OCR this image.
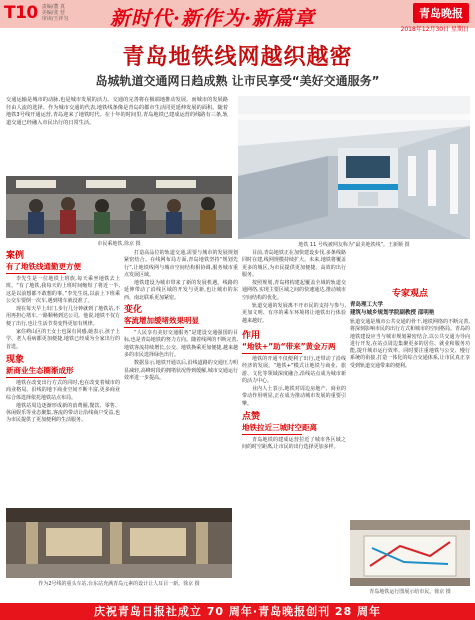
T10 责编/董 真
美编/张 营
审读/王祥匀 新时代·新作为·新篇章	青岛晚报
2018年12月30日 星期日
青岛地铁线网越织越密
岛城轨道交通网日趋成熟 让市民享受“美好交通服务”
交通运输是城市的动脉,也是城市发展的活力。交通的完善将在极端地推动发展。而城市的发展路径由人流的选择。作为城市交通的代表,地铁线条像是青岛的都市生活同更延伸发展的面积。随着地铁3号线开通运营,青岛迎来了地铁时代。在十年的时间里,青岛地铁已建成运营的线路有三条,轨道交通已经融入市民出行的日常生活。
市民乘地铁,徐京 摄	地铁 11 号线被网友称为“最美地铁线”。王新顺 摄
案例
有了地铁线通勤更方便

李先生是一位地铁上班族,每天乘坐地铁去上班。“有了地铁,我每天的上班时间缩短了将近一半,这是以前想都不敢想的事。”李先生说,以前上下班乘公交车要倒一次车,遇到堵车就没准了。

现在每天早上出门,步行几分钟就到了地铁站,不用再担心堵车,一路顺畅到达公司。他说,地铁不仅方便了出行,也让生活节奏变得更加有规律。

家住崂山区的王女士也深有同感,她表示,孩子上学、老人看病都更加便捷,地铁已经成为全家出行的首选。

现象
新商业生态圈渐成形

地铁在改变出行方式的同时,也在改变着城市的商业格局。沿线的地下商业空间不断丰富,更多商业综合体选择依托地铁站点布局。

地铁站周边逐渐形成新的消费圈,餐饮、零售、休闲娱乐等业态聚集,客流的带动让沿线商户受益,也为市民提供了更加便利的生活服务。

作为2号线的重头车站,台东站充满青岛元素的设计让人耳目一新。徐京 摄

打造高品位的轨道交通,需要与城市的发展规划紧密结合。在线网布局方面,青岛地铁坚持“规划先行”,让地铁线网与城市空间结构相协调,服务城市重点发展区域。

地铁建设为城市带来了新的发展机遇。线路的延伸带动了沿线区域的开发与更新,也让城市的东西、南北联系更加紧密。

变化
客流增加缓堵效果明显

“人民享有美好交通服务”是建设交通强国的目标,也是青岛地铁的努力方向。随着线网的不断完善,地铁客流持续增长,公交、地铁换乘更加便捷,越来越多的市民选择绿色出行。

数据显示,地铁开通以后,沿线道路的交通压力明显减轻,高峰时段的拥堵状况得到缓解,城市交通运行效率进一步提高。

目前,青岛地铁正在加快建设步伐,多条线路同时在建,线网规模持续扩大。未来,地铁将覆盖更多的城区,为市民提供更加便捷、高效的出行服务。

按照规划,青岛将构建起覆盖全域的轨道交通网络,实现主要区域之间的快速通达,推动城市空间结构的优化。

轨道交通的发展离不开市民的支持与参与,更加文明、有序的乘车环境将让地铁出行体验越来越好。

作用
“地铁+”助“带来”黄金万两

地铁的开通不仅便利了出行,还带动了沿线经济的发展。“地铁+”模式让地铁与商业、旅游、文化等领域深度融合,沿线站点成为城市新的活力中心。

业内人士表示,地铁对周边房地产、商业的带动作用明显,正在成为推动城市发展的重要引擎。

点赞
地铁拉近三城时空距离

青岛地铁的建成运营拉近了城市各区域之间的时空距离,让市民的出行选择更加多样。

专家观点
青岛理工大学
建筑与城乡规划学院副教授 邵明艳
轨道交通是城市公共交通的骨干,地铁网络的不断完善,将深刻影响市民的出行方式和城市的空间格局。青岛的地铁建设应当与城市规划紧密结合,以公共交通为导向进行开发,在站点周边集聚更多的居住、就业和服务功能,提升城市运行效率。同时要注重地铁与公交、慢行系统的衔接,打造一体化的综合交通体系,让市民真正享受到轨道交通带来的便利。
青岛地铁运行图展示给市民。徐京 摄
庆祝青岛日报社成立 70 周年·青岛晚报创刊 28 周年
